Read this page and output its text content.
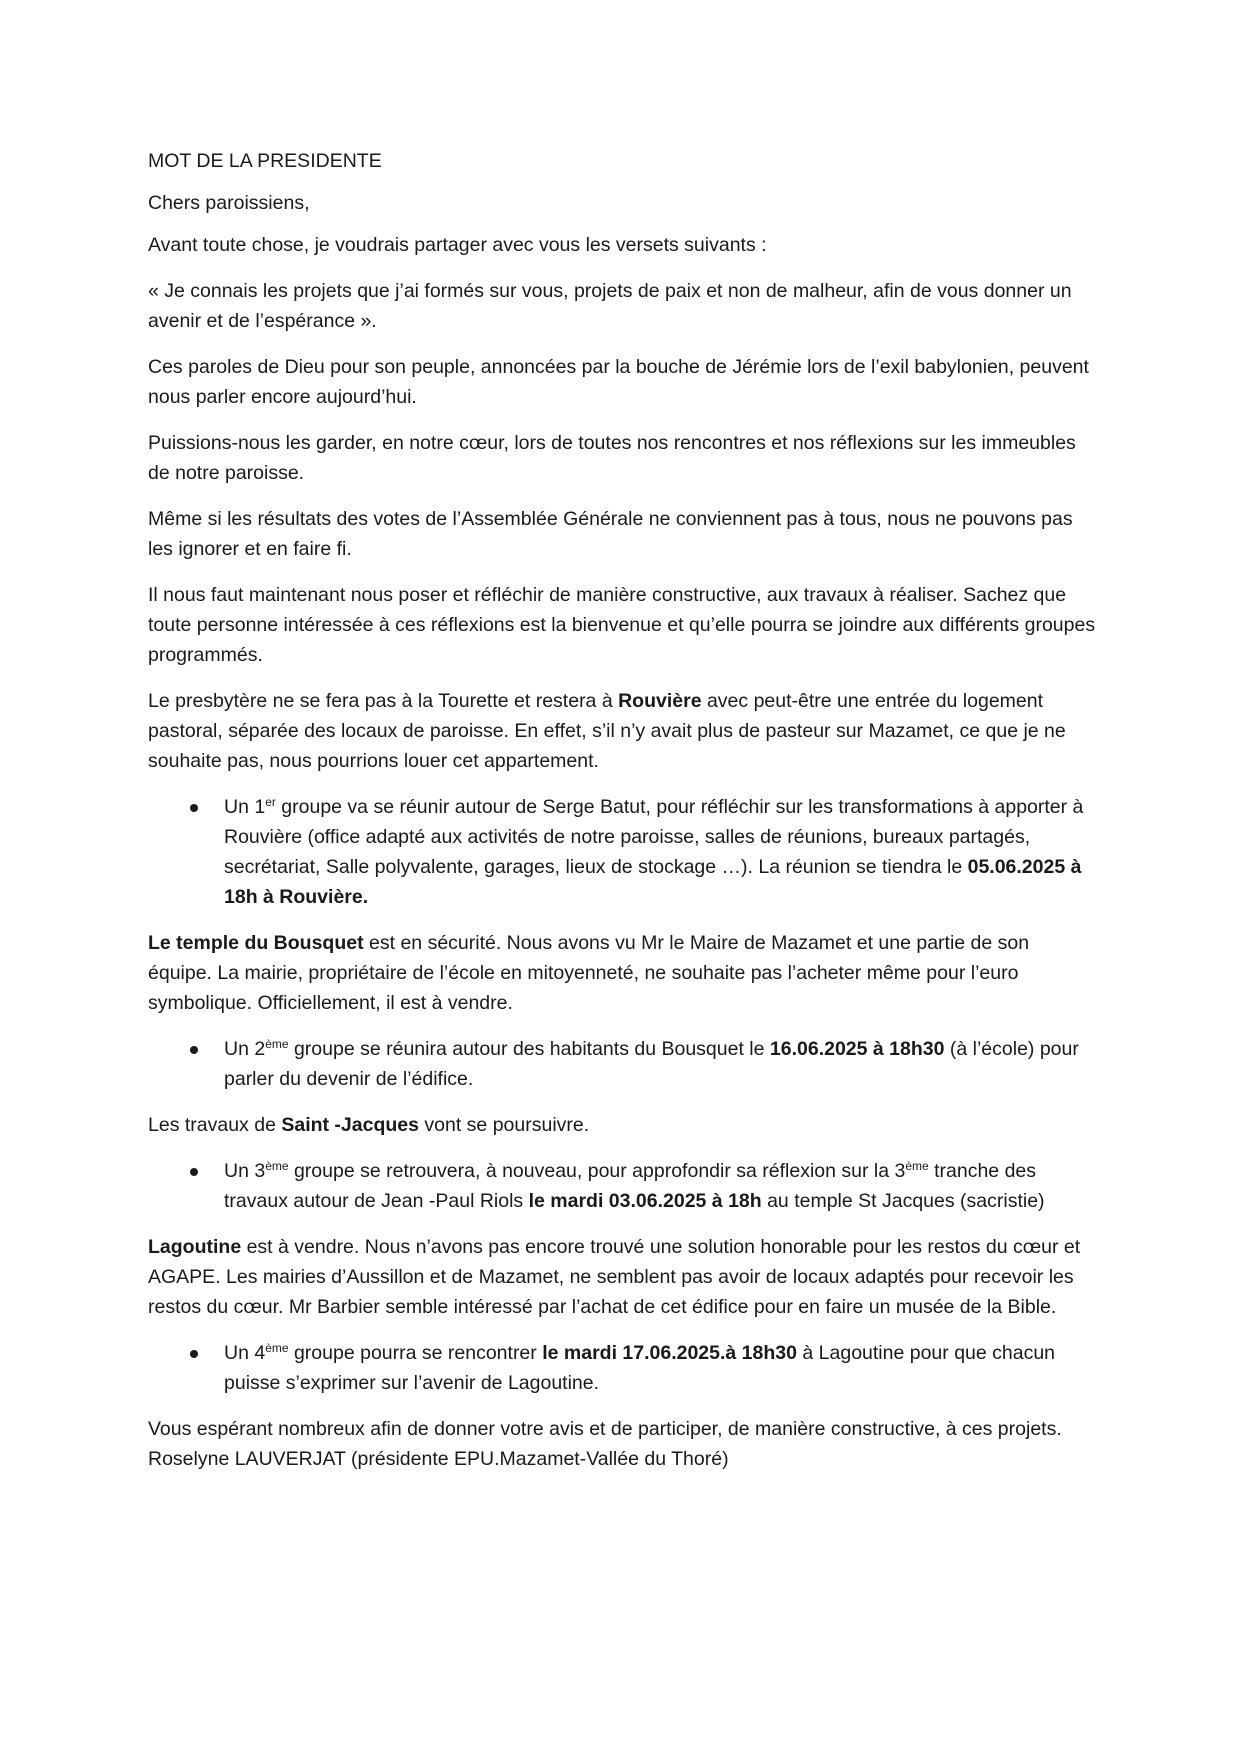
MOT DE LA PRESIDENTE

Chers paroissiens,

Avant toute chose, je voudrais partager avec vous les versets suivants :

« Je connais les projets que j’ai formés sur vous, projets de paix et non de malheur, afin de vous donner un avenir et de l’espérance ».

Ces paroles de Dieu pour son peuple, annoncées par la bouche de Jérémie lors de l’exil babylonien, peuvent nous parler encore aujourd’hui.

Puissions-nous les garder, en notre cœur, lors de toutes nos rencontres et nos réflexions sur les immeubles de notre paroisse.

Même si les résultats des votes de l’Assemblée Générale ne conviennent pas à tous, nous ne pouvons pas les ignorer et en faire fi.

Il nous faut maintenant nous poser et réfléchir de manière constructive, aux travaux à réaliser. Sachez que toute personne intéressée à ces réflexions est la bienvenue et qu’elle pourra se joindre aux différents groupes programmés.

Le presbytère ne se fera pas à la Tourette et restera à Rouvière avec peut-être une entrée du logement pastoral, séparée des locaux de paroisse. En effet, s’il n’y avait plus de pasteur sur Mazamet, ce que je ne souhaite pas, nous pourrions louer cet appartement.

Un 1er groupe va se réunir autour de Serge Batut, pour réfléchir sur les transformations à apporter à Rouvière (office adapté aux activités de notre paroisse, salles de réunions, bureaux partagés, secrétariat, Salle polyvalente, garages, lieux de stockage …). La réunion se tiendra le 05.06.2025 à 18h à Rouvière.

Le temple du Bousquet est en sécurité. Nous avons vu Mr le Maire de Mazamet et une partie de son équipe. La mairie, propriétaire de l’école en mitoyenneté, ne souhaite pas l’acheter même pour l’euro symbolique. Officiellement, il est à vendre.

Un 2ème groupe se réunira autour des habitants du Bousquet le 16.06.2025 à 18h30 (à l’école) pour parler du devenir de l’édifice.

Les travaux de Saint -Jacques vont se poursuivre.

Un 3ème groupe se retrouvera, à nouveau, pour approfondir sa réflexion sur la 3ème tranche des travaux autour de Jean -Paul Riols le mardi 03.06.2025 à 18h au temple St Jacques (sacristie)

Lagoutine est à vendre. Nous n’avons pas encore trouvé une solution honorable pour les restos du cœur et AGAPE. Les mairies d’Aussillon et de Mazamet, ne semblent pas avoir de locaux adaptés pour recevoir les restos du cœur. Mr Barbier semble intéressé par l’achat de cet édifice pour en faire un musée de la Bible.

Un 4ème groupe pourra se rencontrer le mardi 17.06.2025.à 18h30 à Lagoutine pour que chacun puisse s’exprimer sur l’avenir de Lagoutine.

Vous espérant nombreux afin de donner votre avis et de participer, de manière constructive, à ces projets. Roselyne LAUVERJAT (présidente EPU.Mazamet-Vallée du Thoré)
